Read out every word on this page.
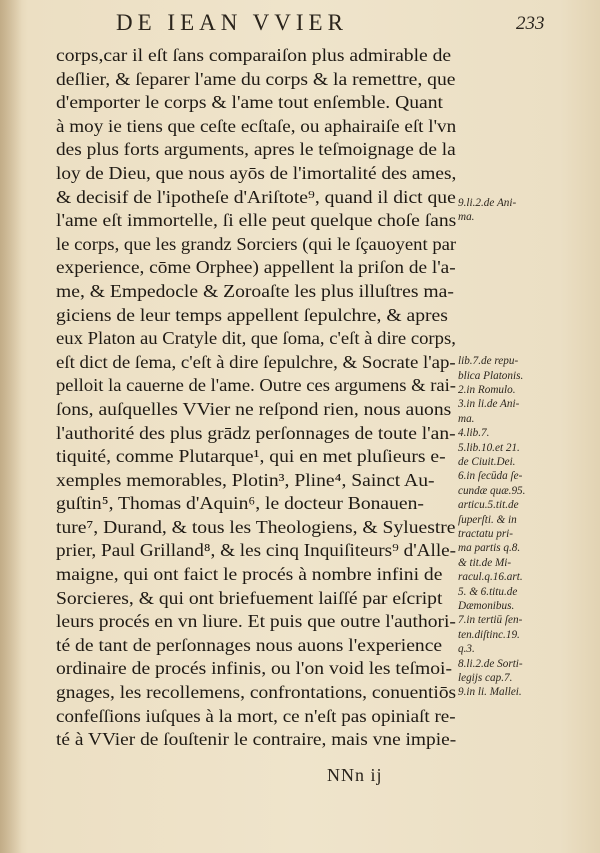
DE IEAN VVIER	233
corps,car il eſt ſans comparaiſon plus admirable de
deſlier, & ſeparer l'ame du corps & la remettre, que
d'emporter le corps & l'ame tout enſemble. Quant
à moy ie tiens que ceſte ecſtaſe, ou aphairaiſe eſt l'vn
des plus forts arguments, apres le teſmoignage de la
loy de Dieu, que nous ayōs de l'imortalité des ames,
& decisif de l'ipotheſe d'Ariſtote⁹, quand il dict que
l'ame eſt immortelle, ſi elle peut quelque choſe ſans
le corps, que les grandz Sorciers (qui le ſçauoyent par
experience, cōme Orphee) appellent la priſon de l'a-
me, & Empedocle & Zoroaſte les plus illuſtres ma-
giciens de leur temps appellent ſepulchre, & apres
eux Platon au Cratyle dit, que ſoma, c'eſt à dire corps,
eſt dict de ſema, c'eſt à dire ſepulchre, & Socrate l'ap-
pelloit la cauerne de l'ame. Outre ces argumens & rai-
ſons, auſquelles VVier ne reſpond rien, nous auons
l'authorité des plus grādz perſonnages de toute l'an-
tiquité, comme Plutarque¹, qui en met pluſieurs e-
xemples memorables, Plotin³, Pline⁴, Sainct Au-
guſtin⁵, Thomas d'Aquin⁶, le docteur Bonauen-
ture⁷, Durand, & tous les Theologiens, & Syluestre
prier, Paul Grilland⁸, & les cinq Inquiſiteurs⁹ d'Alle-
maigne, qui ont faict le procés à nombre infini de
Sorcieres, & qui ont briefuement laiſſé par eſcript
leurs procés en vn liure. Et puis que outre l'authori-
té de tant de perſonnages nous auons l'experience
ordinaire de procés infinis, ou l'on void les teſmoi-
gnages, les recollemens, confrontations, conuentiōs
confeſſions iuſques à la mort, ce n'eſt pas opiniaſt re-
té à VVier de ſouſtenir le contraire, mais vne impie-
9.li.2.de Ani-
ma.
lib.7.de repu-
blica Platonis.
2.in Romulo.
3.in li.de Ani-
ma.
4.lib.7.
5.lib.10.et 21.
de Ciuit.Dei.
6.in ſecūda ſe-
cundæ quæ.95.
articu.5.tit.de
ſuperſti. & in
tractatu pri-
ma partis q.8.
& tit.de Mi-
racul.q.16.art.
5. & 6.titu.de
Dæmonibus.
7.in tertiū ſen-
ten.diſtinc.19.
q.3.
8.li.2.de Sorti-
legijs cap.7.
9.in li. Mallei.
NNn ij
